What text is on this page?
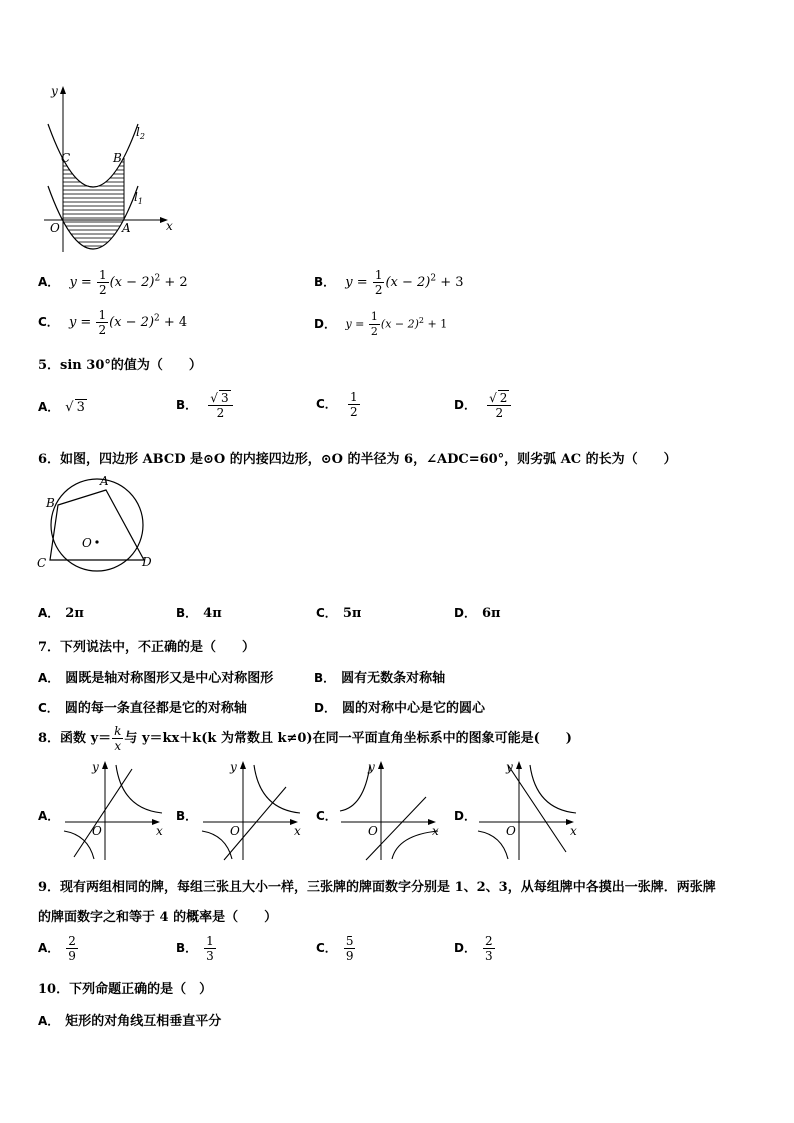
y
x
$l_2$
$l_1$
C	B
O	A
A． $y = \frac{1}{2} (x - 2)^2 + 2$	B． $y = \frac{1}{2} (x - 2)^2 + 3$
C． $y = \frac{1}{2} (x - 2)^2 + 4$	D． $y = \frac{1}{2} (x - 2)^2 + 1$
5．sin 30°的值为（　　）
A． √ 3	B． $\frac{√ 3}{2}$	C． $\frac{1}{2}$	D． $\frac{√ 2}{2}$
6．如图，四边形 ABCD 是⊙O 的内接四边形，⊙O 的半径为 6，∠ADC=60°，则劣弧 AC 的长为（　　）
A
B
C	D
O
A． 2π	B． 4π	C． 5π	D． 6π
7．下列说法中，不正确的是（　　）
A． 圆既是轴对称图形又是中心对称图形	B． 圆有无数条对称轴
C． 圆的每一条直径都是它的对称轴	D． 圆的对称中心是它的圆心
8．函数 $y= \frac{k}{x}$ 与 y＝kx＋k(k 为常数且 k≠0)在同一平面直角坐标系中的图象可能是(　　)
A．	B．	C．	D．
y
x
O
y
x
O
y
x
O
y
x
O
9．现有两组相同的牌，每组三张且大小一样，三张牌的牌面数字分别是 1、2、3，从每组牌中各摸出一张牌．两张牌
的牌面数字之和等于 4 的概率是（　　）
A． $\frac{2}{9}$	B． $\frac{1}{3}$	C． $\frac{5}{9}$	D． $\frac{2}{3}$
10．下列命题正确的是（　）
A． 矩形的对角线互相垂直平分
